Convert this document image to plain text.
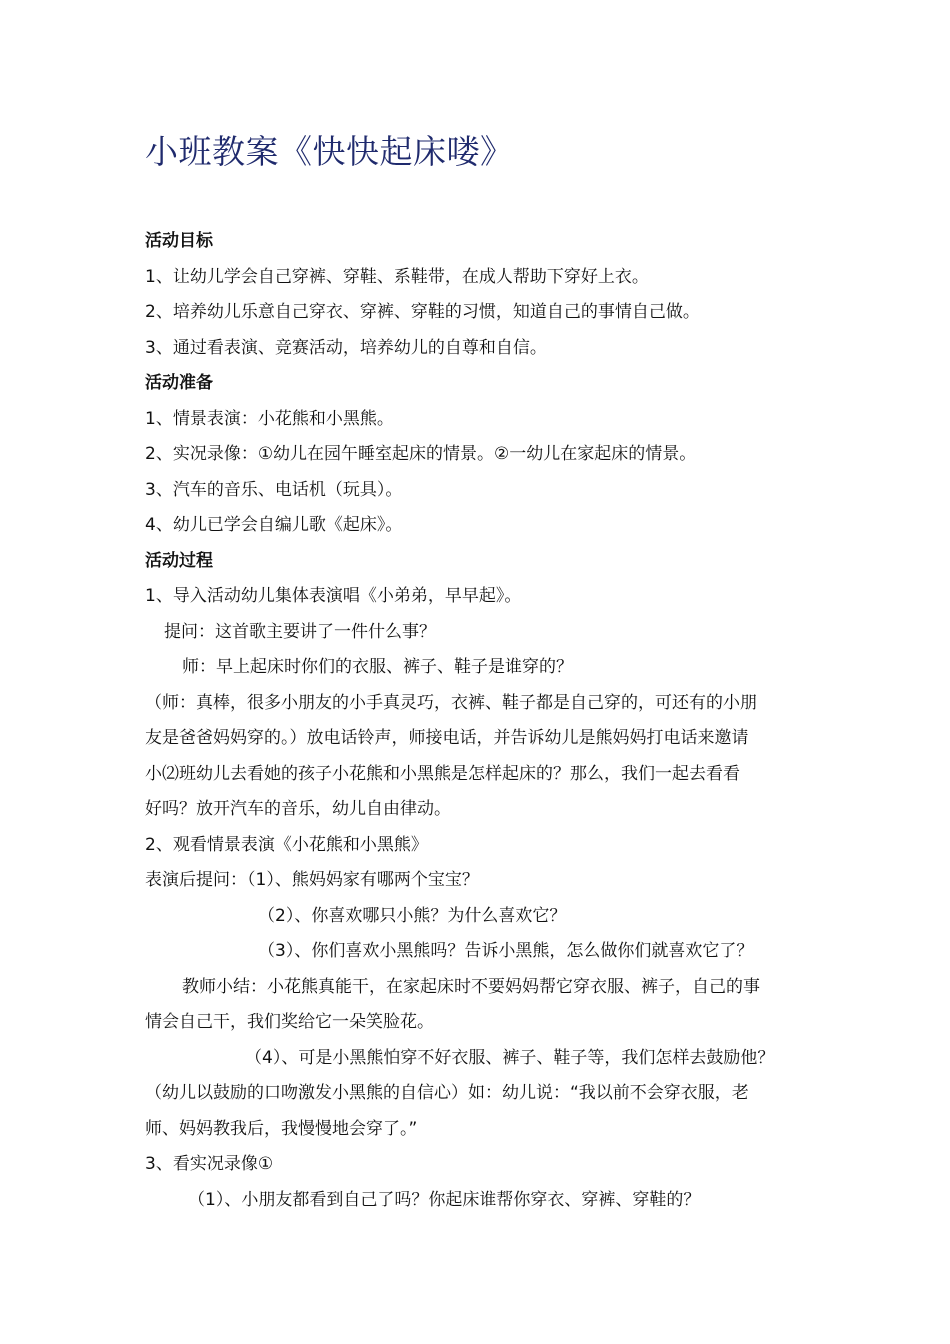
小班教案《快快起床喽》

活动目标

1、让幼儿学会自己穿裤、穿鞋、系鞋带，在成人帮助下穿好上衣。

2、培养幼儿乐意自己穿衣、穿裤、穿鞋的习惯，知道自己的事情自己做。

3、通过看表演、竞赛活动，培养幼儿的自尊和自信。

活动准备

1、情景表演：小花熊和小黑熊。

2、实况录像：①幼儿在园午睡室起床的情景。②一幼儿在家起床的情景。

3、汽车的音乐、电话机（玩具）。

4、幼儿已学会自编儿歌《起床》。

活动过程

1、导入活动幼儿集体表演唱《小弟弟，早早起》。

提问：这首歌主要讲了一件什么事？

师：早上起床时你们的衣服、裤子、鞋子是谁穿的？

（师：真棒，很多小朋友的小手真灵巧，衣裤、鞋子都是自己穿的，可还有的小朋

友是爸爸妈妈穿的。）放电话铃声，师接电话，并告诉幼儿是熊妈妈打电话来邀请

小⑵班幼儿去看她的孩子小花熊和小黑熊是怎样起床的？那么，我们一起去看看

好吗？放开汽车的音乐，幼儿自由律动。

2、观看情景表演《小花熊和小黑熊》

表演后提问：（1）、熊妈妈家有哪两个宝宝？

（2）、你喜欢哪只小熊？为什么喜欢它？

（3）、你们喜欢小黑熊吗？告诉小黑熊，怎么做你们就喜欢它了？

教师小结：小花熊真能干，在家起床时不要妈妈帮它穿衣服、裤子，自己的事

情会自己干，我们奖给它一朵笑脸花。

（4）、可是小黑熊怕穿不好衣服、裤子、鞋子等，我们怎样去鼓励他？

（幼儿以鼓励的口吻激发小黑熊的自信心）如：幼儿说：“我以前不会穿衣服，老

师、妈妈教我后，我慢慢地会穿了。”

3、看实况录像①

（1）、小朋友都看到自己了吗？你起床谁帮你穿衣、穿裤、穿鞋的？
